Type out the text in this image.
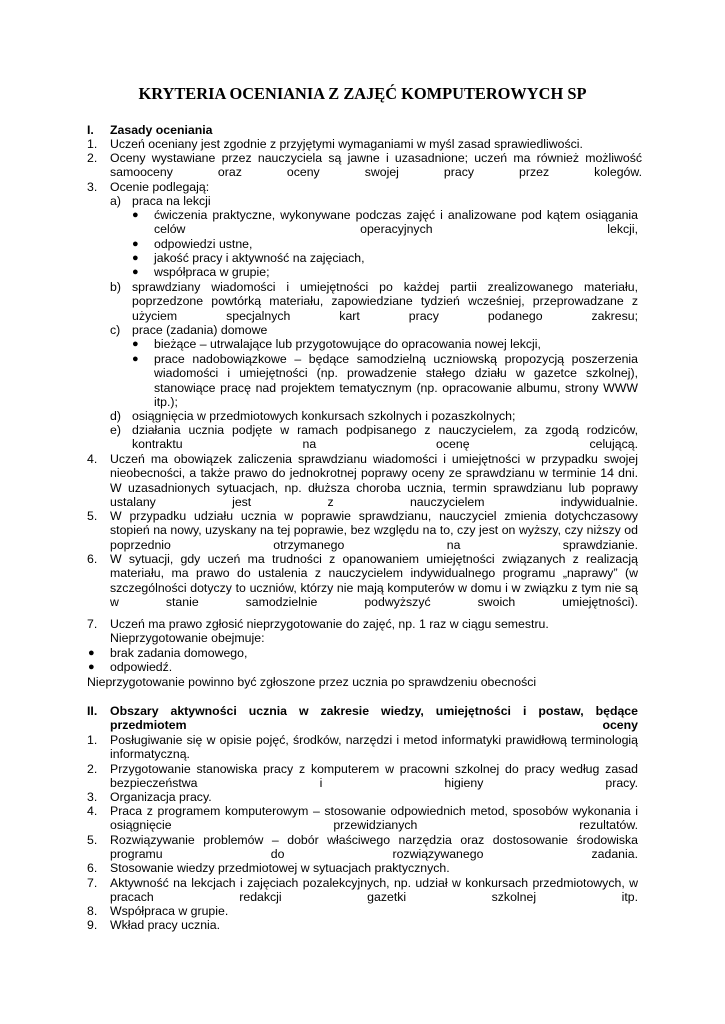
KRYTERIA OCENIANIA Z ZAJĘĆ KOMPUTEROWYCH SP
I. Zasady oceniania
1. Uczeń oceniany jest zgodnie z przyjętymi wymaganiami w myśl zasad sprawiedliwości.
2. Oceny wystawiane przez nauczyciela są jawne i uzasadnione; uczeń ma również możliwość samooceny oraz oceny swojej pracy przez kolegów.
3. Ocenie podlegają:
a) praca na lekcji
● ćwiczenia praktyczne, wykonywane podczas zajęć i analizowane pod kątem osiągania celów operacyjnych lekcji,
● odpowiedzi ustne,
● jakość pracy i aktywność na zajęciach,
● współpraca w grupie;
b) sprawdziany wiadomości i umiejętności po każdej partii zrealizowanego materiału, poprzedzone powtórką materiału, zapowiedziane tydzień wcześniej, przeprowadzane z użyciem specjalnych kart pracy podanego zakresu;
c) prace (zadania) domowe
● bieżące – utrwalające lub przygotowujące do opracowania nowej lekcji,
● prace nadobowiązkowe – będące samodzielną uczniowską propozycją poszerzenia wiadomości i umiejętności (np. prowadzenie stałego działu w gazetce szkolnej), stanowiące pracę nad projektem tematycznym (np. opracowanie albumu, strony WWW itp.);
d) osiągnięcia w przedmiotowych konkursach szkolnych i pozaszkolnych;
e) działania ucznia podjęte w ramach podpisanego z nauczycielem, za zgodą rodziców, kontraktu na ocenę celującą.
4. Uczeń ma obowiązek zaliczenia sprawdzianu wiadomości i umiejętności w przypadku swojej nieobecności, a także prawo do jednokrotnej poprawy oceny ze sprawdzianu w terminie 14 dni. W uzasadnionych sytuacjach, np. dłuższa choroba ucznia, termin sprawdzianu lub poprawy ustalany jest z nauczycielem indywidualnie.
5. W przypadku udziału ucznia w poprawie sprawdzianu, nauczyciel zmienia dotychczasowy stopień na nowy, uzyskany na tej poprawie, bez względu na to, czy jest on wyższy, czy niższy od poprzednio otrzymanego na sprawdzianie.
6. W sytuacji, gdy uczeń ma trudności z opanowaniem umiejętności związanych z realizacją materiału, ma prawo do ustalenia z nauczycielem indywidualnego programu „naprawy” (w szczególności dotyczy to uczniów, którzy nie mają komputerów w domu i w związku z tym nie są w stanie samodzielnie podwyższyć swoich umiejętności).
7. Uczeń ma prawo zgłosić nieprzygotowanie do zajęć, np. 1 raz w ciągu semestru.
Nieprzygotowanie obejmuje:
● brak zadania domowego,
● odpowiedź.
Nieprzygotowanie powinno być zgłoszone przez ucznia po sprawdzeniu obecności
II. Obszary aktywności ucznia w zakresie wiedzy, umiejętności i postaw, będące przedmiotem oceny
1. Posługiwanie się w opisie pojęć, środków, narzędzi i metod informatyki prawidłową terminologią informatyczną.
2. Przygotowanie stanowiska pracy z komputerem w pracowni szkolnej do pracy według zasad bezpieczeństwa i higieny pracy.
3. Organizacja pracy.
4. Praca z programem komputerowym – stosowanie odpowiednich metod, sposobów wykonania i osiągnięcie przewidzianych rezultatów.
5. Rozwiązywanie problemów – dobór właściwego narzędzia oraz dostosowanie środowiska programu do rozwiązywanego zadania.
6. Stosowanie wiedzy przedmiotowej w sytuacjach praktycznych.
7. Aktywność na lekcjach i zajęciach pozalekcyjnych, np. udział w konkursach przedmiotowych, w pracach redakcji gazetki szkolnej itp.
8. Współpraca w grupie.
9. Wkład pracy ucznia.
